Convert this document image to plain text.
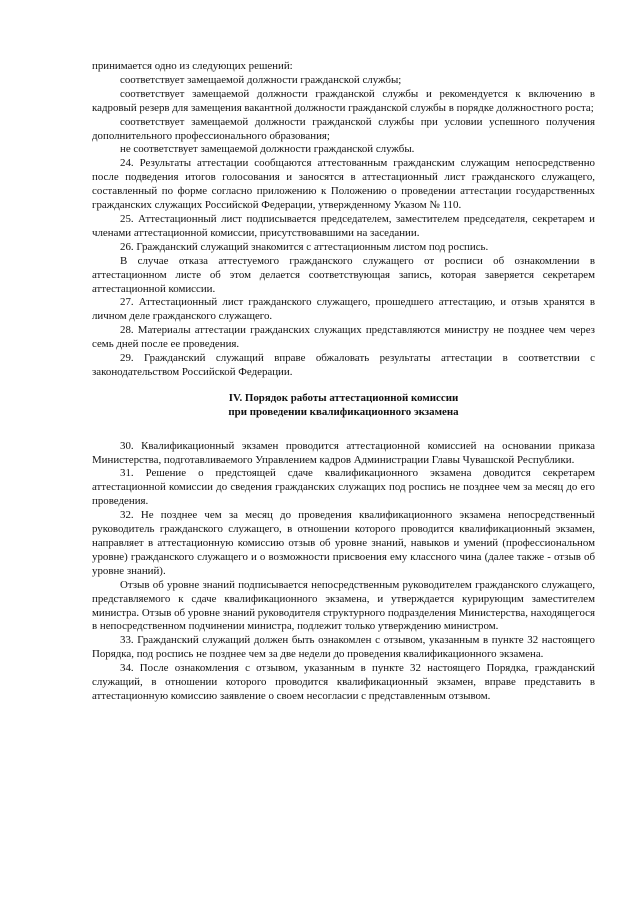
принимается одно из следующих решений:

соответствует замещаемой должности гражданской службы;

соответствует замещаемой должности гражданской службы и рекомендуется к включению в кадровый резерв для замещения вакантной должности гражданской службы в порядке должностного роста;

соответствует замещаемой должности гражданской службы при условии успешного получения дополнительного профессионального образования;

не соответствует замещаемой должности гражданской службы.

24. Результаты аттестации сообщаются аттестованным гражданским служащим непосредственно после подведения итогов голосования и заносятся в аттестационный лист гражданского служащего, составленный по форме согласно приложению к Положению о проведении аттестации государственных гражданских служащих Российской Федерации, утвержденному Указом № 110.

25. Аттестационный лист подписывается председателем, заместителем председателя, секретарем и членами аттестационной комиссии, присутствовавшими на заседании.

26. Гражданский служащий знакомится с аттестационным листом под роспись.

В случае отказа аттестуемого гражданского служащего от росписи об ознакомлении в аттестационном листе об этом делается соответствующая запись, которая заверяется секретарем аттестационной комиссии.

27. Аттестационный лист гражданского служащего, прошедшего аттестацию, и отзыв хранятся в личном деле гражданского служащего.

28. Материалы аттестации гражданских служащих представляются министру не позднее чем через семь дней после ее проведения.

29. Гражданский служащий вправе обжаловать результаты аттестации в соответствии с законодательством Российской Федерации.

IV. Порядок работы аттестационной комиссии
при проведении квалификационного экзамена

30. Квалификационный экзамен проводится аттестационной комиссией на основании приказа Министерства, подготавливаемого Управлением кадров Администрации Главы Чувашской Республики.

31. Решение о предстоящей сдаче квалификационного экзамена доводится секретарем аттестационной комиссии до сведения гражданских служащих под роспись не позднее чем за месяц до его проведения.

32. Не позднее чем за месяц до проведения квалификационного экзамена непосредственный руководитель гражданского служащего, в отношении которого проводится квалификационный экзамен, направляет в аттестационную комиссию отзыв об уровне знаний, навыков и умений (профессиональном уровне) гражданского служащего и о возможности присвоения ему классного чина (далее также - отзыв об уровне знаний).

Отзыв об уровне знаний подписывается непосредственным руководителем гражданского служащего, представляемого к сдаче квалификационного экзамена, и утверждается курирующим заместителем министра. Отзыв об уровне знаний руководителя структурного подразделения Министерства, находящегося в непосредственном подчинении министра, подлежит только утверждению министром.

33. Гражданский служащий должен быть ознакомлен с отзывом, указанным в пункте 32 настоящего Порядка, под роспись не позднее чем за две недели до проведения квалификационного экзамена.

34. После ознакомления с отзывом, указанным в пункте 32 настоящего Порядка, гражданский служащий, в отношении которого проводится квалификационный экзамен, вправе представить в аттестационную комиссию заявление о своем несогласии с представленным отзывом.
